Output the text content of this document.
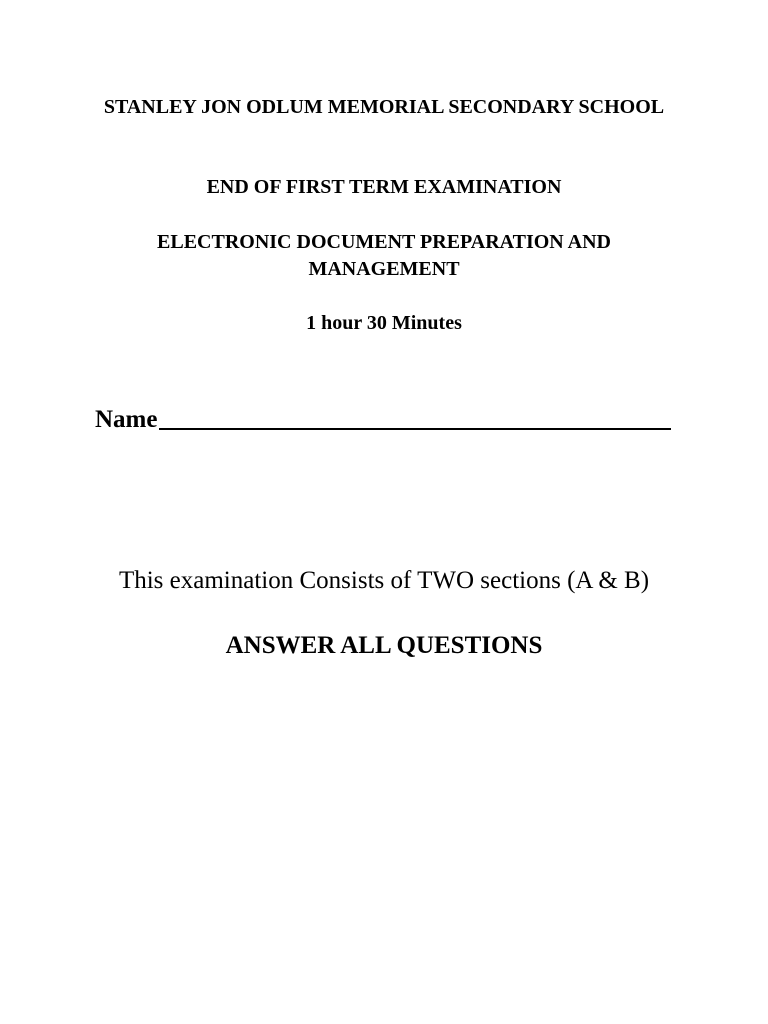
STANLEY JON ODLUM MEMORIAL SECONDARY SCHOOL
END OF FIRST TERM EXAMINATION
ELECTRONIC DOCUMENT PREPARATION AND MANAGEMENT
1 hour 30 Minutes
Name
This examination Consists of TWO sections (A & B)
ANSWER ALL QUESTIONS
